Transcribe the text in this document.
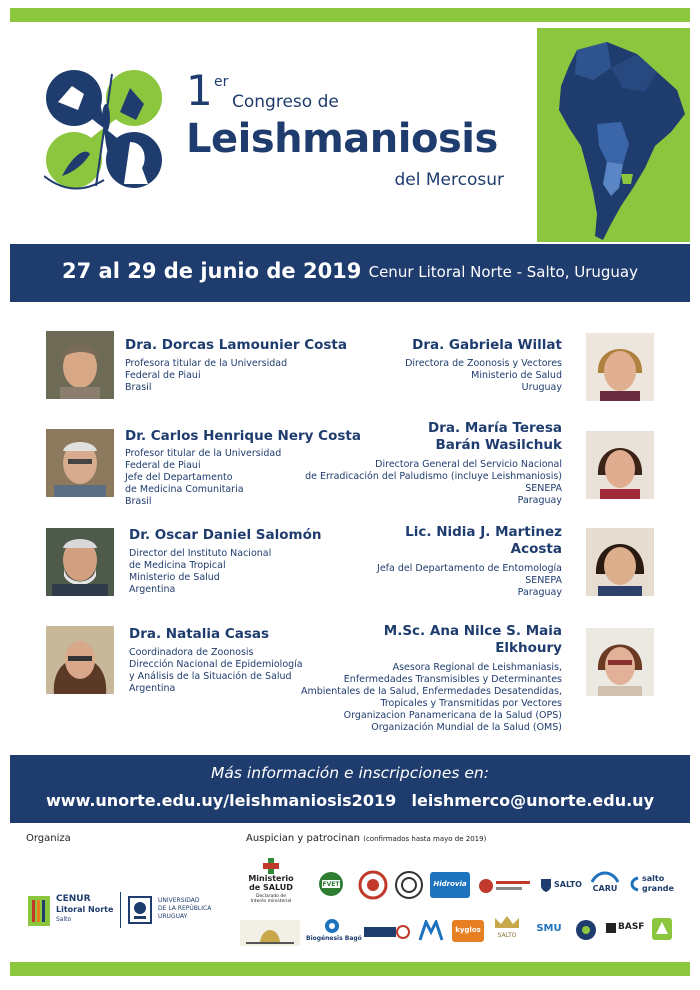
1 er
Congreso de
Leishmaniosis
del Mercosur
27 al 29 de junio de 2019 Cenur Litoral Norte - Salto, Uruguay
Dra. Dorcas Lamounier Costa
Profesora titular de la Universidad
Federal de Piaui
Brasil
Dr. Carlos Henrique Nery Costa
Profesor titular de la Universidad
Federal de Piaui
Jefe del Departamento
de Medicina Comunitaria
Brasil
Dr. Oscar Daniel Salomón
Director del Instituto Nacional
de Medicina Tropical
Ministerio de Salud
Argentina
Dra. Natalia Casas
Coordinadora de Zoonosis
Dirección Nacional de Epidemiología
y Análisis de la Situación de Salud
Argentina
Dra. Gabriela Willat
Directora de Zoonosis y Vectores
Ministerio de Salud
Uruguay
Dra. María Teresa
Barán Wasilchuk
Directora General del Servicio Nacional
de Erradicación del Paludismo (incluye Leishmaniosis)
SENEPA
Paraguay
Lic. Nidia J. Martinez
Acosta
Jefa del Departamento de Entomología
SENEPA
Paraguay
M.Sc. Ana Nilce S. Maia
Elkhoury
Asesora Regional de Leishmaniasis,
Enfermedades Transmisibles y Determinantes
Ambientales de la Salud, Enfermedades Desatendidas,
Tropicales y Transmitidas por Vectores
Organizacion Panamericana de la Salud (OPS)
Organización Mundial de la Salud (OMS)
Más información e inscripciones en:
www.unorte.edu.uy/leishmaniosis2019 leishmerco@unorte.edu.uy
Organiza	Auspician y patrocinan (confirmados hasta mayo de 2019)
CENUR
Litoral Norte
Salto
UNIVERSIDAD
DE LA REPÚBLICA
URUGUAY
Ministerio
de SALUD
Declarado de
Interés ministerial
FVET	Hidrovia	SALTO	CARU
salto
grande
Biogénesis Bagó
kyglos
SALTO
SMU	BASF
